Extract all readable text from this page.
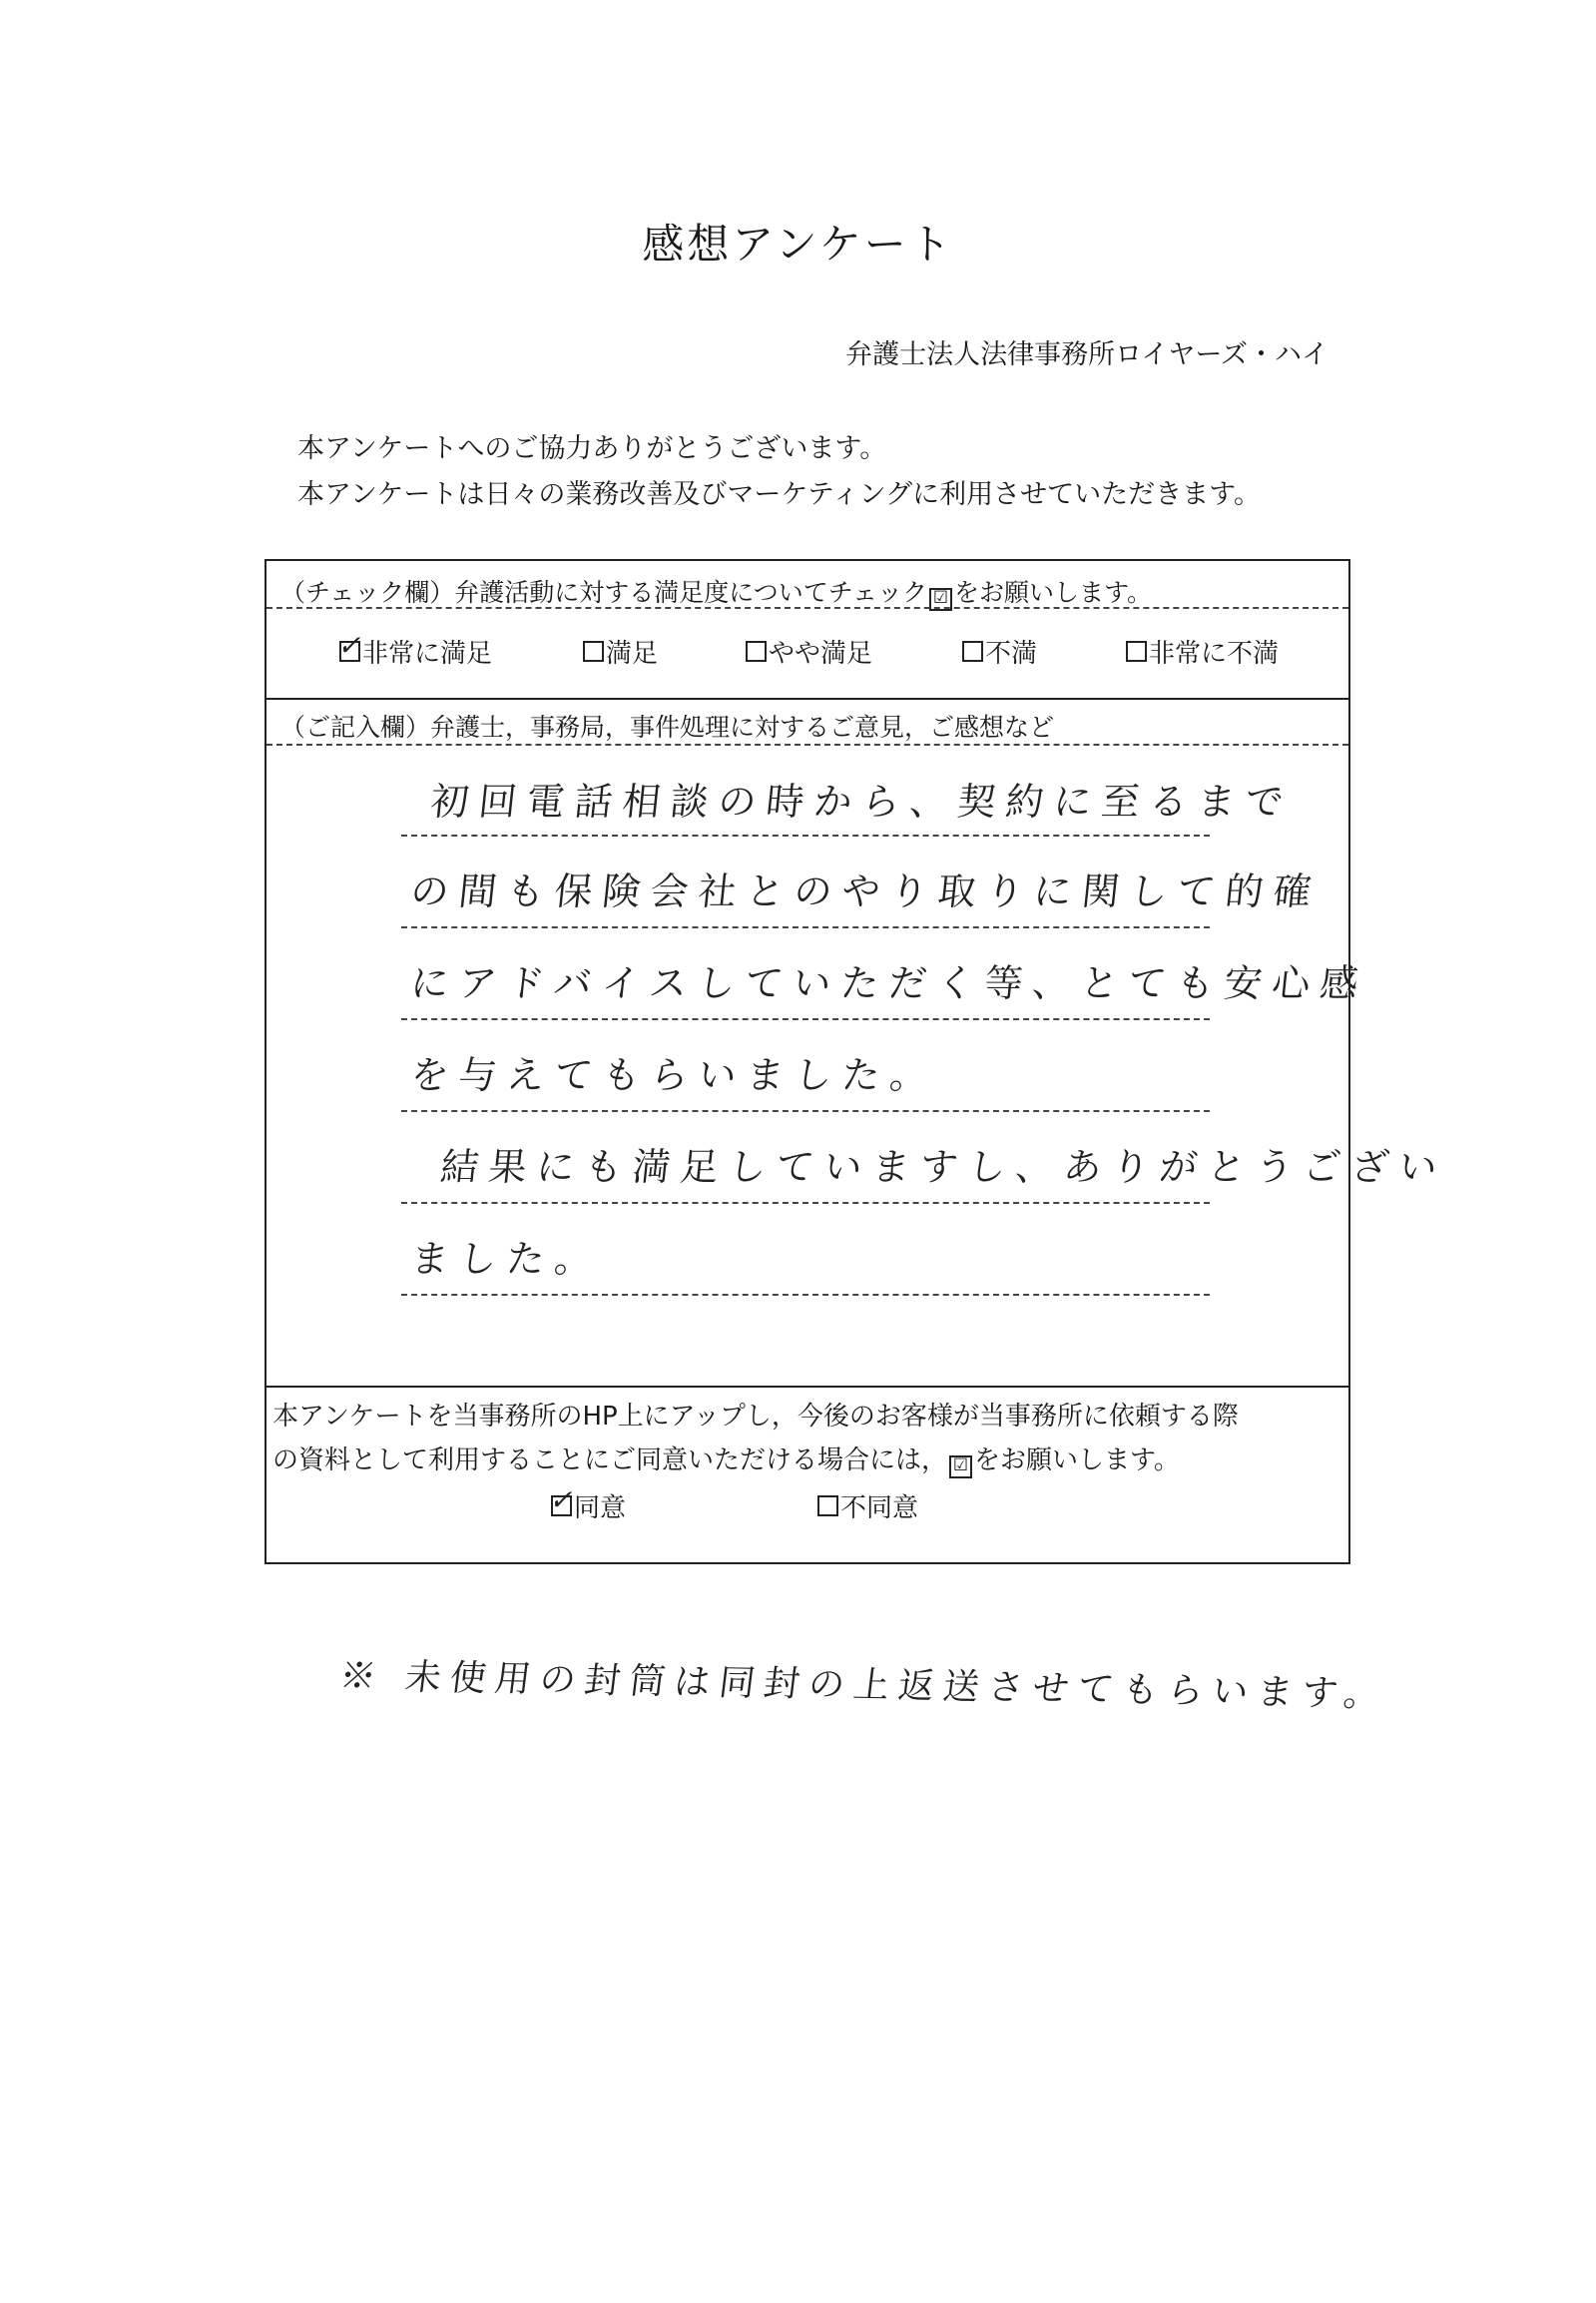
感想アンケート
弁護士法人法律事務所ロイヤーズ・ハイ
本アンケートへのご協力ありがとうございます。
本アンケートは日々の業務改善及びマーケティングに利用させていただきます。
（チェック欄）弁護活動に対する満足度についてチェック ☑ をお願いします。
✓ 非常に満足	満足	やや満足	不満	非常に不満
（ご記入欄）弁護士，事務局，事件処理に対するご意見，ご感想など
初回電話相談の時から、契約に至るまで
の間も保険会社とのやり取りに関して的確
にアドバイスしていただく等、とても安心感
を与えてもらいました。
結果にも満足していますし、ありがとうござい
ました。
本アンケートを当事務所のHP上にアップし，今後のお客様が当事務所に依頼する際
の資料として利用することにご同意いただける場合には， ☑ をお願いします。
✓ 同意	不同意
※ 未使用の封筒は同封の上返送させてもらいます。
